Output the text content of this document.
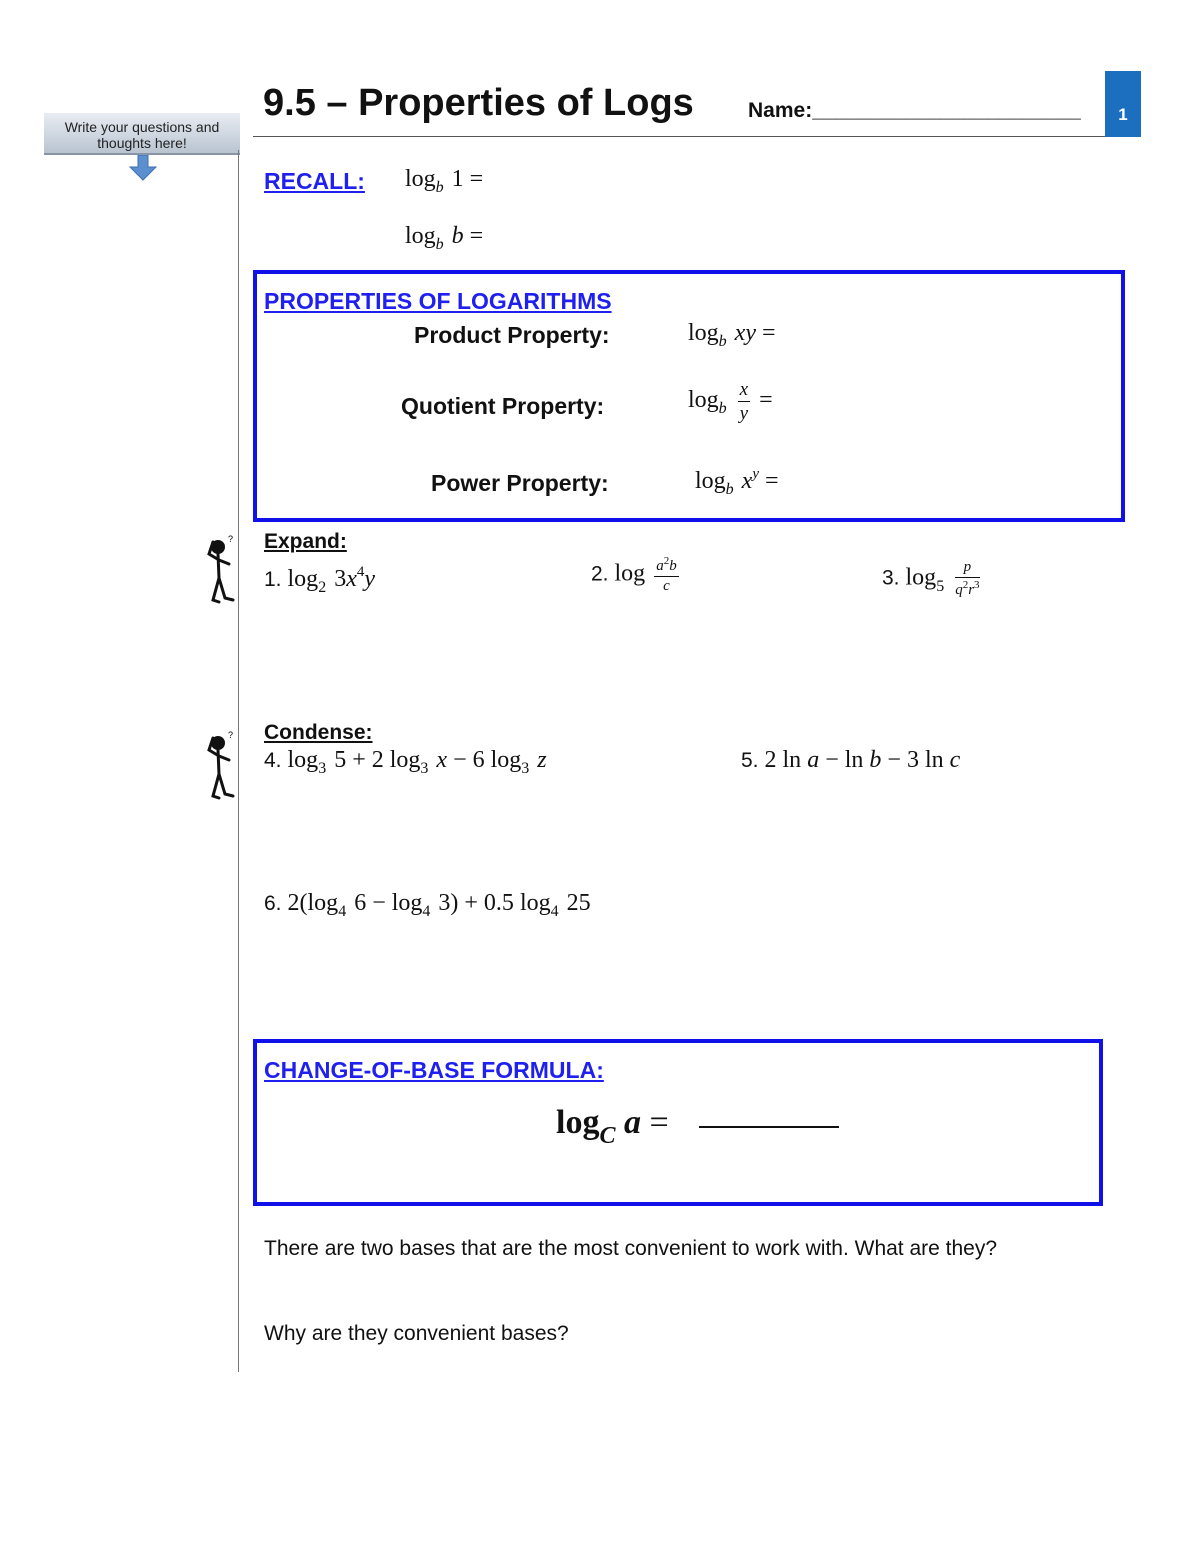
Write your questions and thoughts here!
9.5 – Properties of Logs	Name:_______________________ 1
RECALL: $\log_b 1$ =
$\log_b b$ =
PROPERTIES OF LOGARITHMS
Product Property:	$\log_b$ xy =
Quotient Property:	$\log_b \frac{x}{y}$ =
Power Property:	$\log_b x^y$ =
?
?
Expand:
1. $\log_2 3x^4y$	2. $\log \frac{a^2b}{c}$	3. $\log_5 \frac{p}{q^2r^3}$
Condense:
4. $\log_3 5 + 2$ $\log_3 x - 6$ $\log_3 z$	5. 2 ln a − ln b − 3 ln c
6. $2(\log_4$ $6 - \log_4 3) + 0.5$ $\log_4 25$
CHANGE-OF-BASE FORMULA:
$\log_C a$ =
There are two bases that are the most convenient to work with. What are they?
Why are they convenient bases?
